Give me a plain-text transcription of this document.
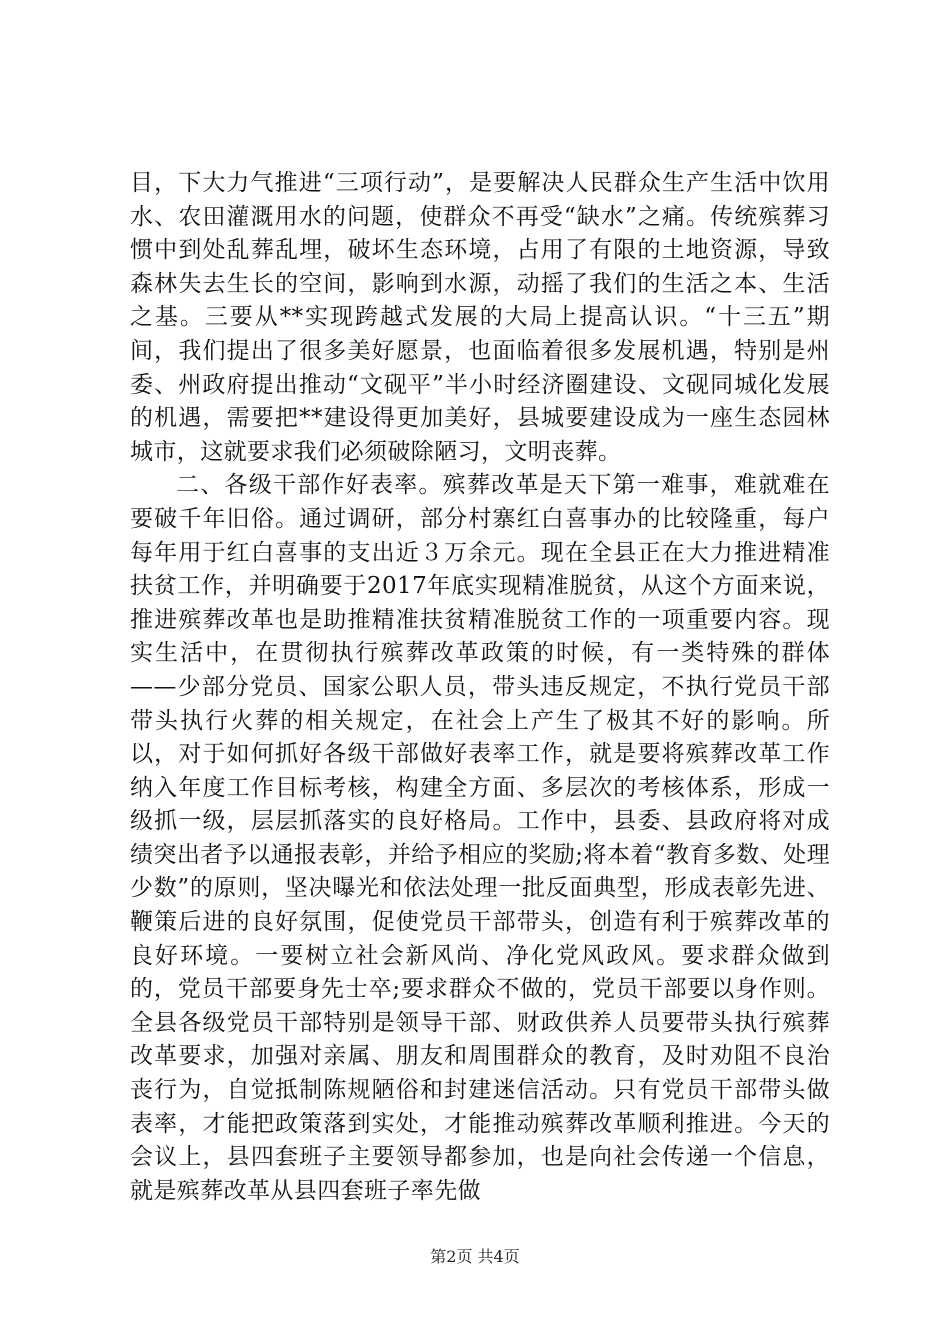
目，下大力气推进“三项行动”，是要解决人民群众生产生活中饮用水、农田灌溉用水的问题，使群众不再受“缺水”之痛。传统殡葬习惯中到处乱葬乱埋，破坏生态环境，占用了有限的土地资源，导致森林失去生长的空间，影响到水源，动摇了我们的生活之本、生活之基。三要从**实现跨越式发展的大局上提高认识。“十三五”期间，我们提出了很多美好愿景，也面临着很多发展机遇，特别是州委、州政府提出推动“文砚平”半小时经济圈建设、文砚同城化发展的机遇，需要把**建设得更加美好，县城要建设成为一座生态园林城市，这就要求我们必须破除陋习，文明丧葬。

二、各级干部作好表率。殡葬改革是天下第一难事，难就难在要破千年旧俗。通过调研，部分村寨红白喜事办的比较隆重，每户每年用于红白喜事的支出近３万余元。现在全县正在大力推进精准扶贫工作，并明确要于2017年底实现精准脱贫，从这个方面来说，推进殡葬改革也是助推精准扶贫精准脱贫工作的一项重要内容。现实生活中，在贯彻执行殡葬改革政策的时候，有一类特殊的群体——少部分党员、国家公职人员，带头违反规定，不执行党员干部带头执行火葬的相关规定，在社会上产生了极其不好的影响。所以，对于如何抓好各级干部做好表率工作，就是要将殡葬改革工作纳入年度工作目标考核，构建全方面、多层次的考核体系，形成一级抓一级，层层抓落实的良好格局。工作中，县委、县政府将对成绩突出者予以通报表彰，并给予相应的奖励;将本着“教育多数、处理少数”的原则，坚决曝光和依法处理一批反面典型，形成表彰先进、鞭策后进的良好氛围，促使党员干部带头，创造有利于殡葬改革的良好环境。一要树立社会新风尚、净化党风政风。要求群众做到的，党员干部要身先士卒;要求群众不做的，党员干部要以身作则。全县各级党员干部特别是领导干部、财政供养人员要带头执行殡葬改革要求，加强对亲属、朋友和周围群众的教育，及时劝阻不良治丧行为，自觉抵制陈规陋俗和封建迷信活动。只有党员干部带头做表率，才能把政策落到实处，才能推动殡葬改革顺利推进。今天的会议上，县四套班子主要领导都参加，也是向社会传递一个信息，就是殡葬改革从县四套班子率先做

第2页 共4页
